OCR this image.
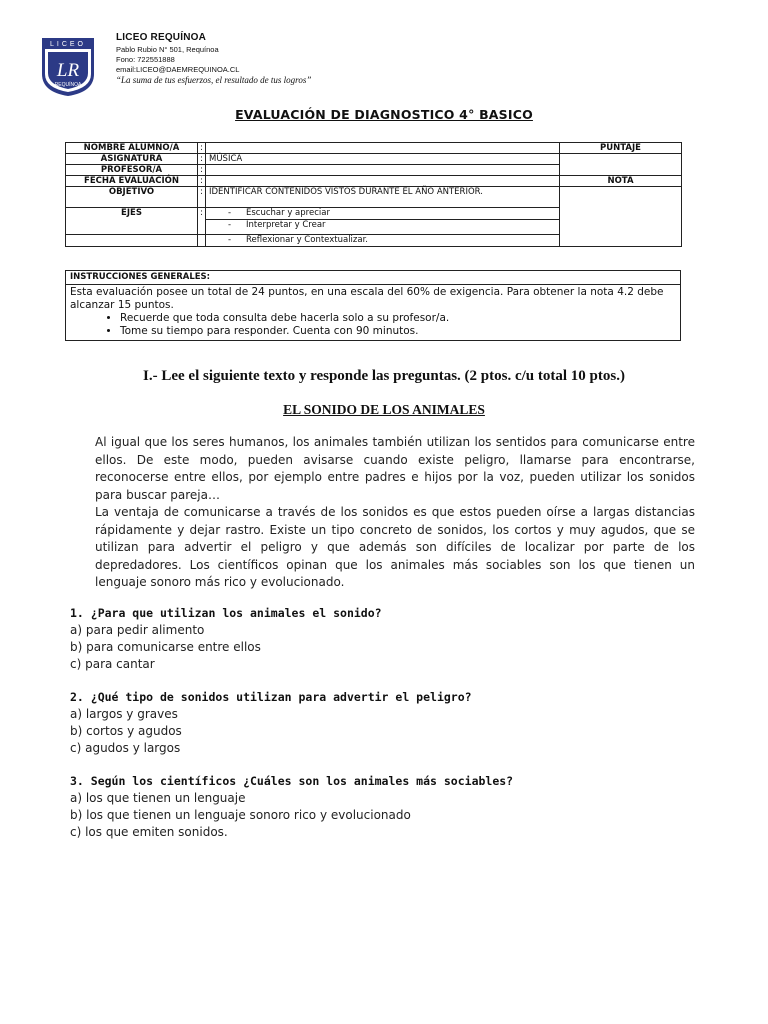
LICEO
LR
REQUÍNOA
LICEO REQUÍNOA
Pablo Rubio N° 501, Requínoa
Fono: 722551888
email:LICEO@DAEMREQUINOA.CL
“La suma de tus esfuerzos, el resultado de tus logros”
EVALUACIÓN DE DIAGNOSTICO 4° BASICO
NOMBRE ALUMNO/A	:		PUNTAJE
ASIGNATURA	:	MÚSICA	
PROFESOR/A	:		
FECHA EVALUACIÓN	:		NOTA
OBJETIVO	:	IDENTIFICAR CONTENIDOS VISTOS DURANTE EL AÑO ANTERIOR.	
EJES	:	- Escuchar y apreciar
- Interpretar y Crear	

		- Reflexionar y Contextualizar.	
INSTRUCCIONES GENERALES:
Esta evaluación posee un total de 24 puntos, en una escala del 60% de exigencia. Para obtener la nota 4.2 debe alcanzar 15 puntos.
• Recuerde que toda consulta debe hacerla solo a su profesor/a.
• Tome su tiempo para responder. Cuenta con 90 minutos.
I.- Lee el siguiente texto y responde las preguntas. (2 ptos. c/u total 10 ptos.)
EL SONIDO DE LOS ANIMALES

Al igual que los seres humanos, los animales también utilizan los sentidos para comunicarse entre ellos. De este modo, pueden avisarse cuando existe peligro, llamarse para encontrarse, reconocerse entre ellos, por ejemplo entre padres e hijos por la voz, pueden utilizar los sonidos para buscar pareja…

La ventaja de comunicarse a través de los sonidos es que estos pueden oírse a largas distancias rápidamente y dejar rastro. Existe un tipo concreto de sonidos, los cortos y muy agudos, que se utilizan para advertir el peligro y que además son difíciles de localizar por parte de los depredadores. Los científicos opinan que los animales más sociables son los que tienen un lenguaje sonoro más rico y evolucionado.

1. ¿Para que utilizan los animales el sonido?
a) para pedir alimento
b) para comunicarse entre ellos
c) para cantar
2. ¿Qué tipo de sonidos utilizan para advertir el peligro?
a) largos y graves
b) cortos y agudos
c) agudos y largos
3. Según los científicos ¿Cuáles son los animales más sociables?
a) los que tienen un lenguaje
b) los que tienen un lenguaje sonoro rico y evolucionado
c) los que emiten sonidos.
